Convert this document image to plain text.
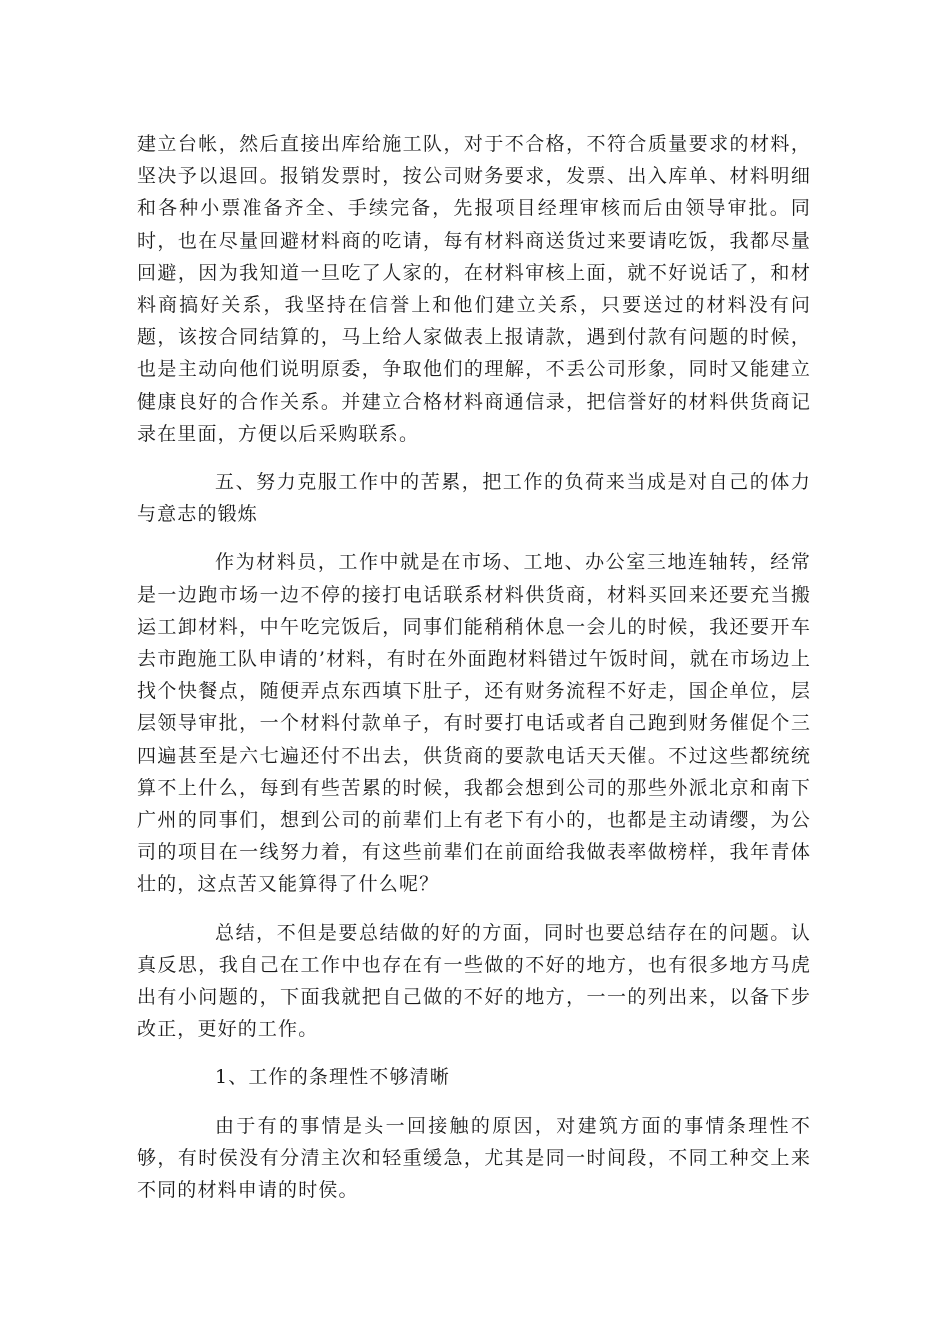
建立台帐，然后直接出库给施工队，对于不合格，不符合质量要求的材料，坚决予以退回。报销发票时，按公司财务要求，发票、出入库单、材料明细和各种小票准备齐全、手续完备，先报项目经理审核而后由领导审批。同时，也在尽量回避材料商的吃请，每有材料商送货过来要请吃饭，我都尽量回避，因为我知道一旦吃了人家的，在材料审核上面，就不好说话了，和材料商搞好关系，我坚持在信誉上和他们建立关系，只要送过的材料没有问题，该按合同结算的，马上给人家做表上报请款，遇到付款有问题的时候，也是主动向他们说明原委，争取他们的理解，不丢公司形象，同时又能建立健康良好的合作关系。并建立合格材料商通信录，把信誉好的材料供货商记录在里面，方便以后采购联系。

五、努力克服工作中的苦累，把工作的负荷来当成是对自己的体力与意志的锻炼

作为材料员，工作中就是在市场、工地、办公室三地连轴转，经常是一边跑市场一边不停的接打电话联系材料供货商，材料买回来还要充当搬运工卸材料，中午吃完饭后，同事们能稍稍休息一会儿的时候，我还要开车去市跑施工队申请的’材料，有时在外面跑材料错过午饭时间，就在市场边上找个快餐点，随便弄点东西填下肚子，还有财务流程不好走，国企单位，层层领导审批，一个材料付款单子，有时要打电话或者自己跑到财务催促个三四遍甚至是六七遍还付不出去，供货商的要款电话天天催。不过这些都统统算不上什么，每到有些苦累的时候，我都会想到公司的那些外派北京和南下广州的同事们，想到公司的前辈们上有老下有小的，也都是主动请缨，为公司的项目在一线努力着，有这些前辈们在前面给我做表率做榜样，我年青体壮的，这点苦又能算得了什么呢？

总结，不但是要总结做的好的方面，同时也要总结存在的问题。认真反思，我自己在工作中也存在有一些做的不好的地方，也有很多地方马虎出有小问题的，下面我就把自己做的不好的地方，一一的列出来，以备下步改正，更好的工作。

1、工作的条理性不够清晰

由于有的事情是头一回接触的原因，对建筑方面的事情条理性不够，有时侯没有分清主次和轻重缓急，尤其是同一时间段，不同工种交上来不同的材料申请的时侯。
